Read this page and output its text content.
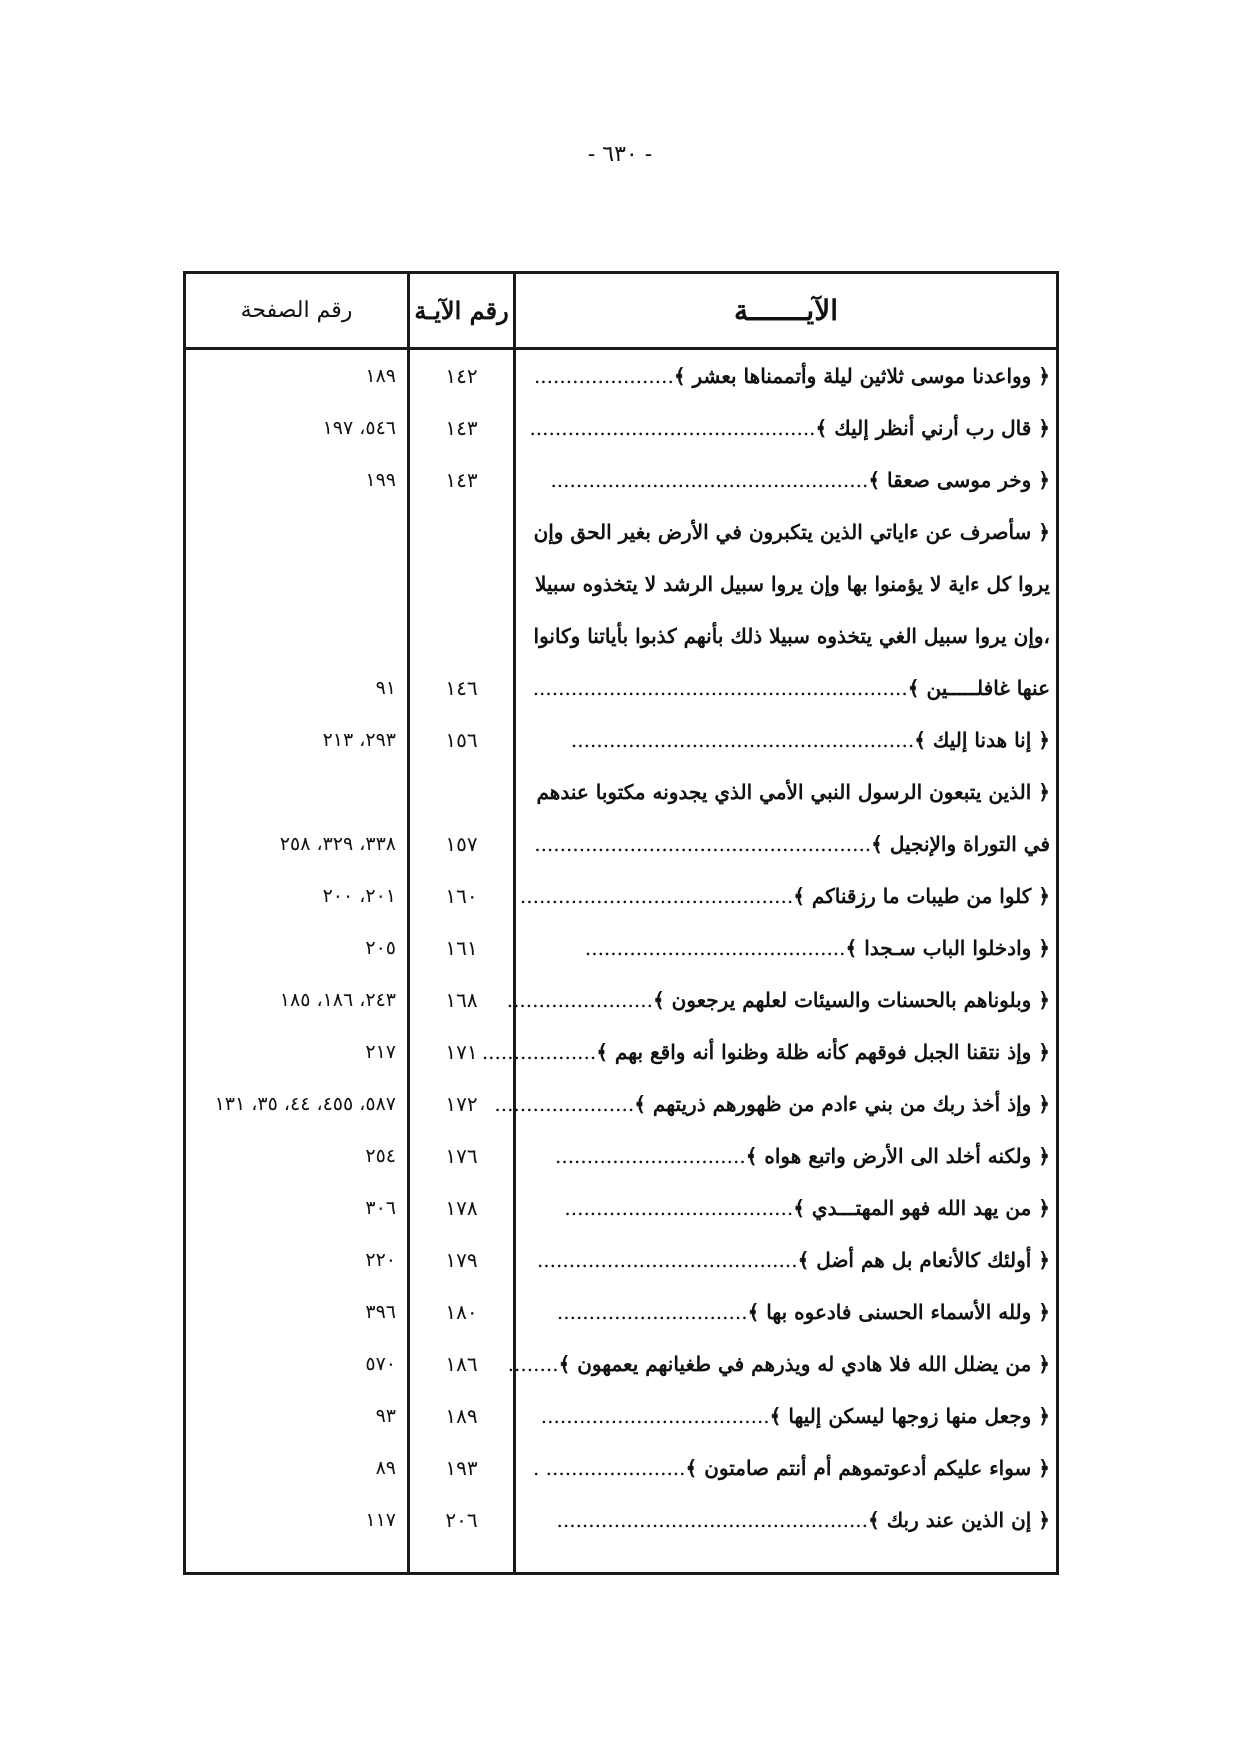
- ٦٣٠ -
رقم الصفحة	رقم الآيـة	الآيـــــــة
١٨٩	١٤٢	﴿ وواعدنا موسى ثلاثين ليلة وأتممناها بعشر ﴾......................
٥٤٦، ١٩٧	١٤٣	﴿ قال رب أرني أنظر إليك ﴾.............................................
١٩٩	١٤٣	﴿ وخر موسى صعقا ﴾..................................................
﴿ سأصرف عن ءاياتي الذين يتكبرون في الأرض بغير الحق وإن
يروا كل ءاية لا يؤمنوا بها وإن يروا سبيل الرشد لا يتخذوه سبيلا
،وإن يروا سبيل الغي يتخذوه سبيلا ذلك بأنهم كذبوا بأياتنا وكانوا
٩١	١٤٦	عنها غافلـــــين ﴾...........................................................
٢٩٣، ٢١٣	١٥٦	﴿ إنا هدنا إليك ﴾......................................................
﴿ الذين يتبعون الرسول النبي الأمي الذي يجدونه مكتوبا عندهم
٣٣٨، ٣٢٩، ٢٥٨	١٥٧	في التوراة والإنجيل ﴾.....................................................
٢٠١، ٢٠٠	١٦٠	﴿ كلوا من طيبات ما رزقناكم ﴾...........................................
٢٠٥	١٦١	﴿ وادخلوا الباب سـجدا ﴾.........................................
٢٤٣، ١٨٦، ١٨٥	١٦٨	﴿ وبلوناهم بالحسنات والسيئات لعلهم يرجعون ﴾.......................
٢١٧	١٧١	﴿ وإذ نتقنا الجبل فوقهم كأنه ظلة وظنوا أنه واقع بهم ﴾..................
٥٨٧، ٤٥٥، ٤٤، ٣٥، ١٣١	١٧٢	﴿ وإذ أخذ ربك من بني ءادم من ظهورهم ذريتهم ﴾......................
٢٥٤	١٧٦	﴿ ولكنه أخلد الى الأرض واتبع هواه ﴾..............................
٣٠٦	١٧٨	﴿ من يهد الله فهو المهتـــدي ﴾....................................
٢٢٠	١٧٩	﴿ أولئك كالأنعام بل هم أضل ﴾.........................................
٣٩٦	١٨٠	﴿ ولله الأسماء الحسنى فادعوه بها ﴾..............................
٥٧٠	١٨٦	﴿ من يضلل الله فلا هادي له ويذرهم في طغيانهم يعمهون ﴾........
٩٣	١٨٩	﴿ وجعل منها زوجها ليسكن إليها ﴾....................................
٨٩	١٩٣	﴿ سواء عليكم أدعوتموهم أم أنتم صامتون ﴾...................... .
١١٧	٢٠٦	﴿ إن الذين عند ربك ﴾.................................................
